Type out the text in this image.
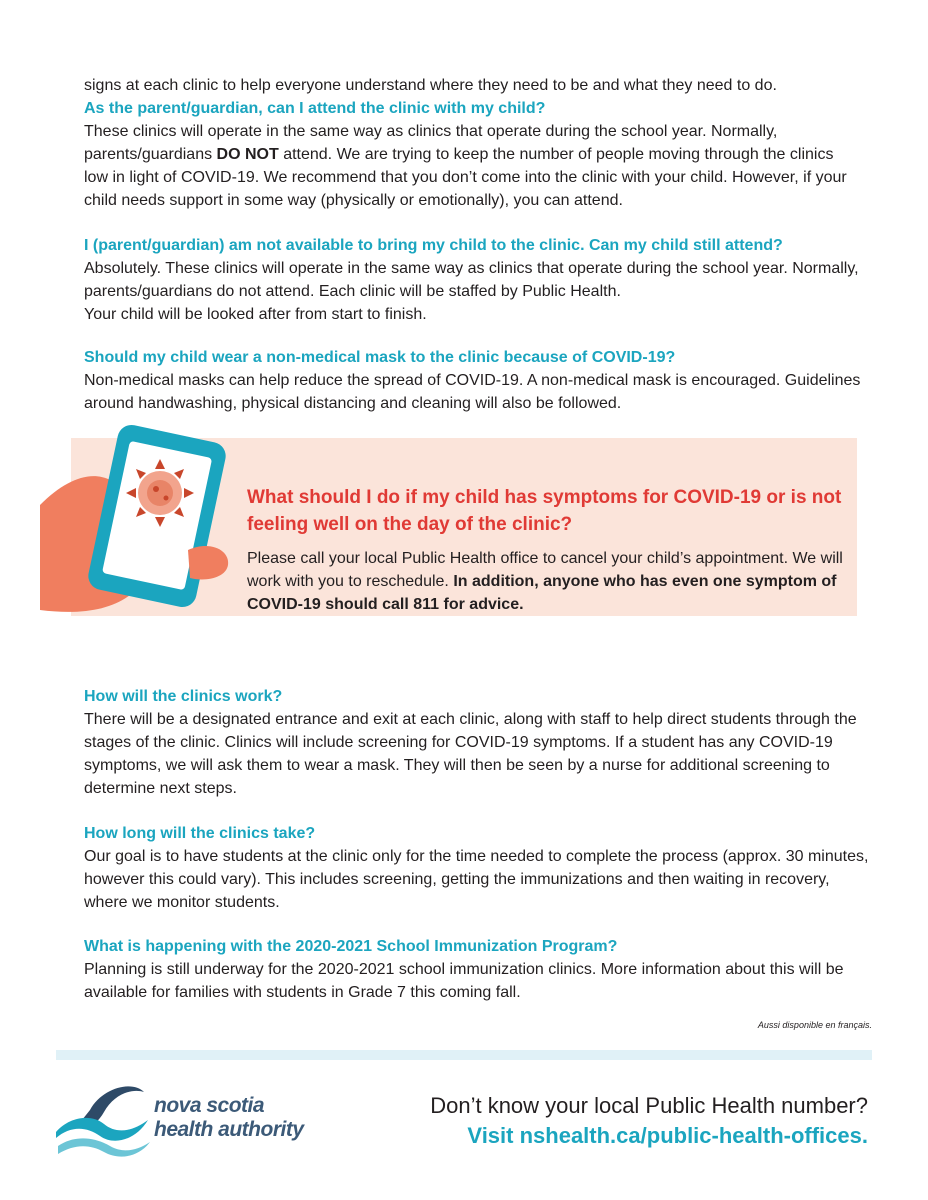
signs at each clinic to help everyone understand where they need to be and what they need to do.
As the parent/guardian, can I attend the clinic with my child?
These clinics will operate in the same way as clinics that operate during the school year. Normally, parents/guardians DO NOT attend. We are trying to keep the number of people moving through the clinics low in light of COVID-19. We recommend that you don’t come into the clinic with your child. However, if your child needs support in some way (physically or emotionally), you can attend.
I (parent/guardian) am not available to bring my child to the clinic. Can my child still attend?
Absolutely. These clinics will operate in the same way as clinics that operate during the school year. Normally, parents/guardians do not attend. Each clinic will be staffed by Public Health.
Your child will be looked after from start to finish.
Should my child wear a non-medical mask to the clinic because of COVID-19?
Non-medical masks can help reduce the spread of COVID-19. A non-medical mask is encouraged. Guidelines around handwashing, physical distancing and cleaning will also be followed.
What should I do if my child has symptoms for COVID-19 or is not feeling well on the day of the clinic?
Please call your local Public Health office to cancel your child’s appointment. We will work with you to reschedule. In addition, anyone who has even one symptom of COVID-19 should call 811 for advice.
How will the clinics work?
There will be a designated entrance and exit at each clinic, along with staff to help direct students through the stages of the clinic. Clinics will include screening for COVID-19 symptoms. If a student has any COVID-19 symptoms, we will ask them to wear a mask. They will then be seen by a nurse for additional screening to determine next steps.
How long will the clinics take?
Our goal is to have students at the clinic only for the time needed to complete the process (approx. 30 minutes, however this could vary). This includes screening, getting the immunizations and then waiting in recovery, where we monitor students.
What is happening with the 2020-2021 School Immunization Program?
Planning is still underway for the 2020-2021 school immunization clinics. More information about this will be available for families with students in Grade 7 this coming fall.
Aussi disponible en français.
nova scotia
health authority
Don’t know your local Public Health number?
Visit nshealth.ca/public-health-offices.
